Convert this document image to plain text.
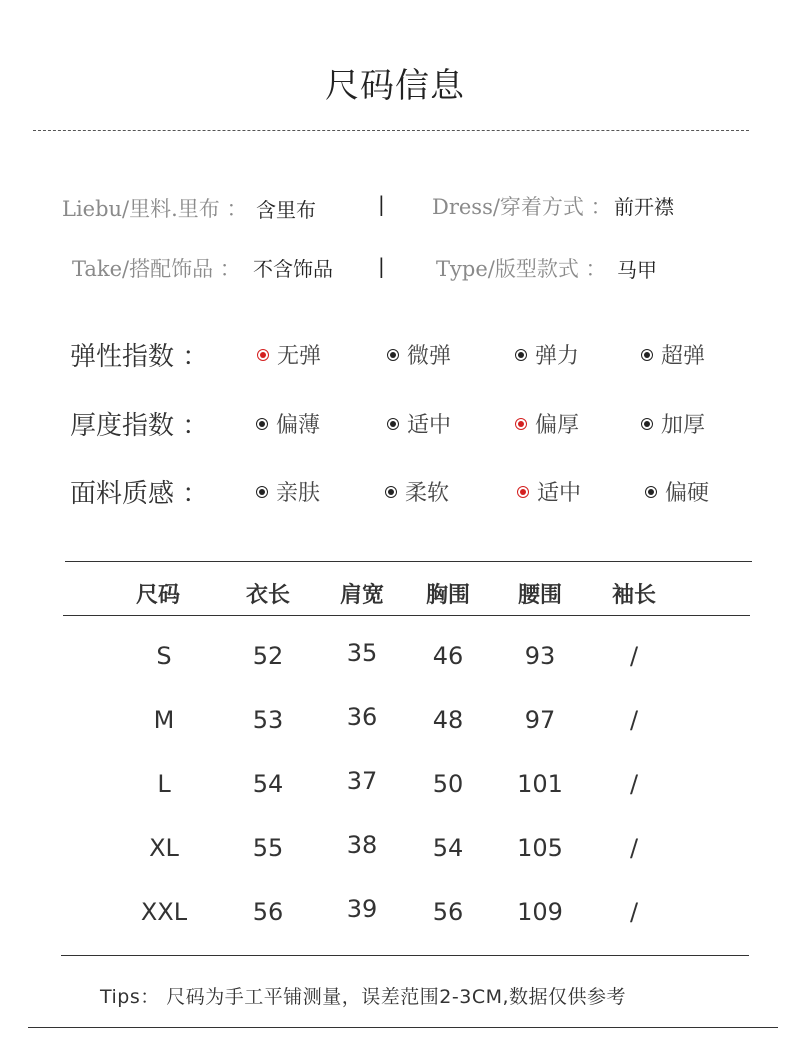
尺码信息
Liebu/里料.里布 ： 含里布	| Dress/穿着方式 ： 前开襟
Take/搭配饰品 ： 不含饰品 | Type/版型款式 ： 马甲
弹性指数 ：	无弹	微弹	弹力	超弹
厚度指数 ：	偏薄	适中	偏厚	加厚
面料质感 ：	亲肤	柔软	适中	偏硬
尺码	衣长	肩宽	胸围	腰围	袖长
S	52	35	46	93	/
M	53	36	48	97	/
L	54	37	50	101	/
XL	55	38	54	105	/
XXL	56	39	56	109	/
Tips： 尺码为手工平铺测量，误差范围2-3CM,数据仅供参考
